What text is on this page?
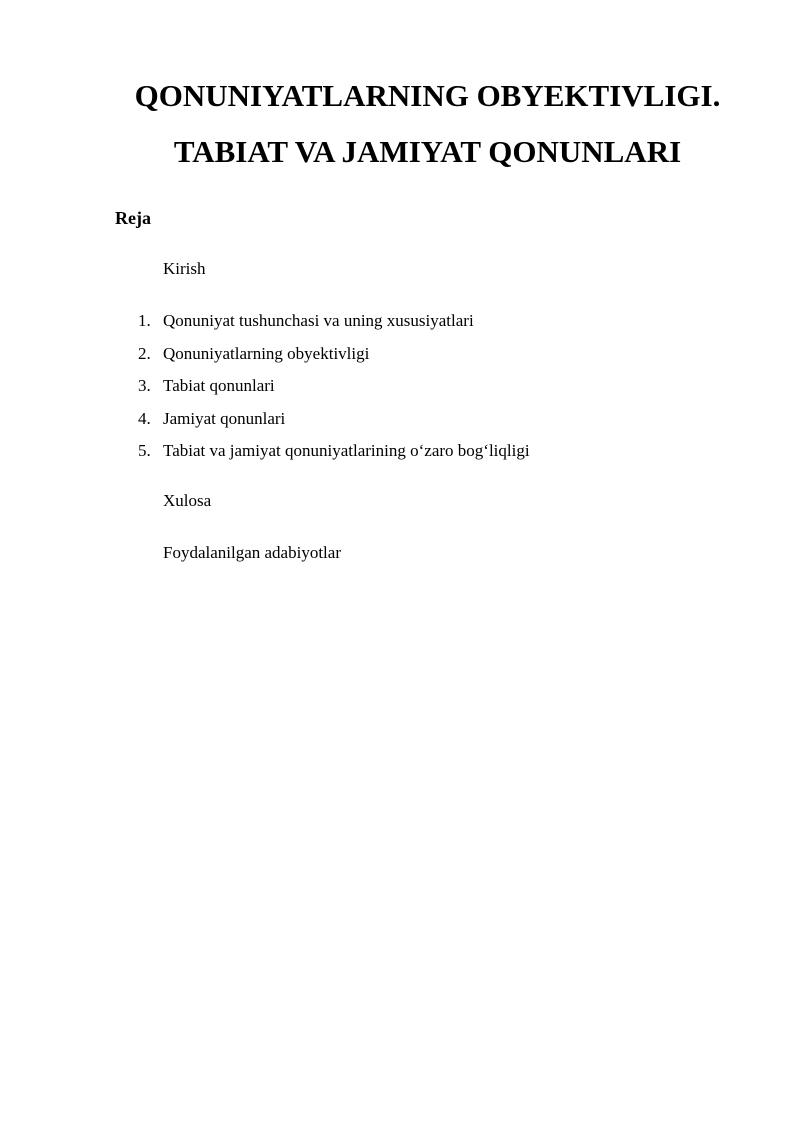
QONUNIYATLARNING OBYEKTIVLIGI.
TABIAT VA JAMIYAT QONUNLARI
Reja
Kirish
1. Qonuniyat tushunchasi va uning xususiyatlari
2. Qonuniyatlarning obyektivligi
3. Tabiat qonunlari
4. Jamiyat qonunlari
5. Tabiat va jamiyat qonuniyatlarining o‘zaro bog‘liqligi
Xulosa
Foydalanilgan adabiyotlar
